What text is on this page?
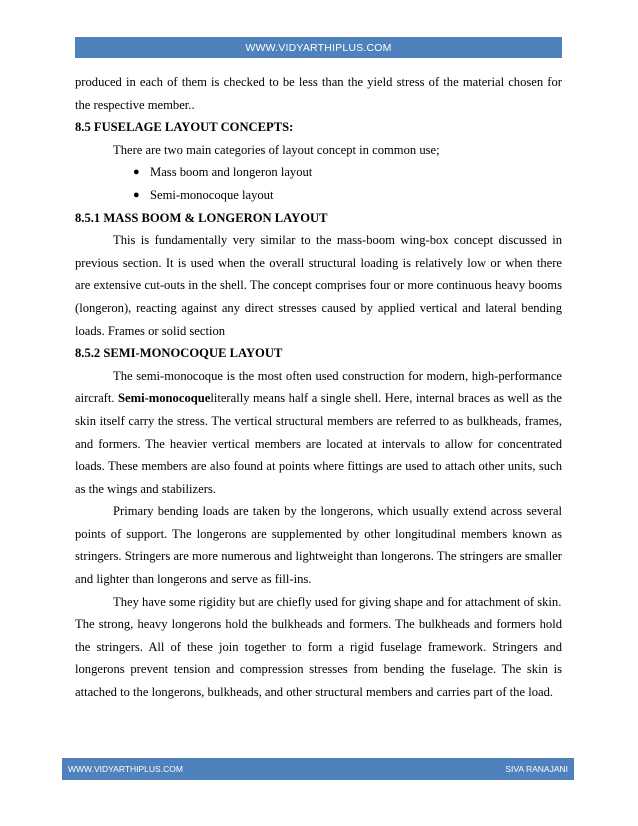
WWW.VIDYARTHIPLUS.COM

produced in each of them is checked to be less than the yield stress of the material chosen for the respective member..

8.5 FUSELAGE LAYOUT CONCEPTS:

There are two main categories of layout concept in common use;

● Mass boom and longeron layout
● Semi-monocoque layout

8.5.1 MASS BOOM & LONGERON LAYOUT

This is fundamentally very similar to the mass-boom wing-box concept discussed in previous section. It is used when the overall structural loading is relatively low or when there are extensive cut-outs in the shell. The concept comprises four or more continuous heavy booms (longeron), reacting against any direct stresses caused by applied vertical and lateral bending loads. Frames or solid section

8.5.2 SEMI-MONOCOQUE LAYOUT

The semi-monocoque is the most often used construction for modern, high-performance aircraft. Semi-monocoqueliterally means half a single shell. Here, internal braces as well as the skin itself carry the stress. The vertical structural members are referred to as bulkheads, frames, and formers. The heavier vertical members are located at intervals to allow for concentrated loads. These members are also found at points where fittings are used to attach other units, such as the wings and stabilizers.

Primary bending loads are taken by the longerons, which usually extend across several points of support. The longerons are supplemented by other longitudinal members known as stringers. Stringers are more numerous and lightweight than longerons. The stringers are smaller and lighter than longerons and serve as fill-ins.

They have some rigidity but are chiefly used for giving shape and for attachment of skin.

The strong, heavy longerons hold the bulkheads and formers. The bulkheads and formers hold the stringers. All of these join together to form a rigid fuselage framework. Stringers and longerons prevent tension and compression stresses from bending the fuselage. The skin is attached to the longerons, bulkheads, and other structural members and carries part of the load.

WWW.VIDYARTHIPLUS.COM	SIVA RANAJANI
